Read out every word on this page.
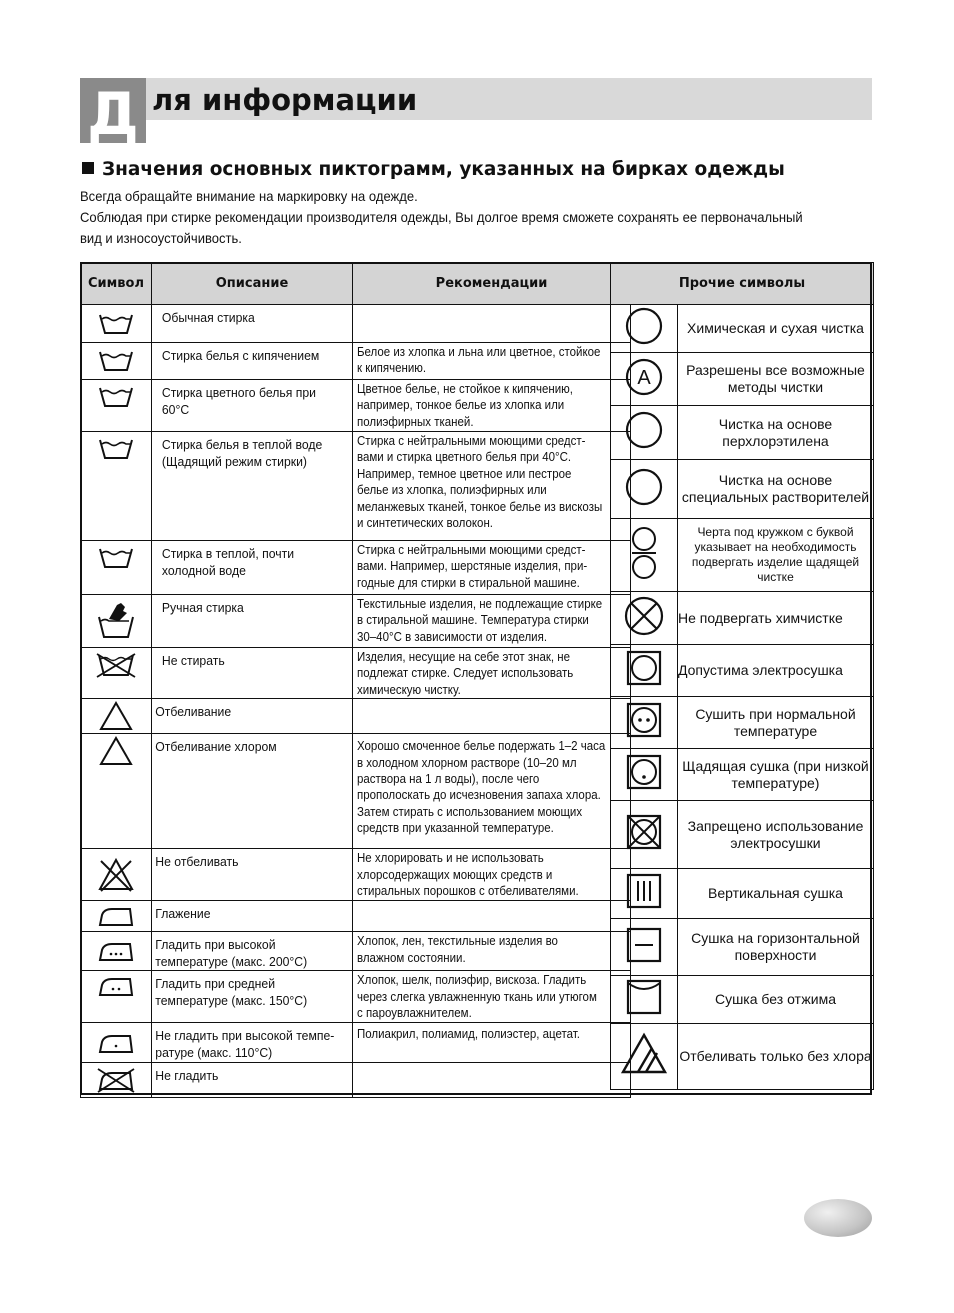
Д ля информации
Значения основных пиктограмм, указанных на бирках одежды

Всегда обращайте внимание на маркировку на одежде.

Соблюдая при стирке рекомендации производителя одежды, Вы долгое время сможете сохранять ее первоначальный вид и износоустойчивость.

Символ	Описание	Рекомендации
	Обычная стирка	

	Стирка белья с кипячением	Белое из хлопка и льна или цветное, стойкое к кипячению.

	Стирка цветного белья при 60°С	Цветное белье, не стойкое к кипячению, например, тонкое белье из хлопка или полиэфирных тканей.

	Стирка белья в теплой воде (Щадящий режим стирки)	Стирка с нейтральными моющими средст-вами и стирка цветного белья при 40°С. Например, темное цветное или пестрое белье из хлопка, полиэфирных или меланжевых тканей, тонкое белье из вискозы и синтетических волокон.

	Стирка в теплой, почти холодной воде	Стирка с нейтральными моющими средст-вами. Например, шерстяные изделия, при-годные для стирки в стиральной машине.

	Ручная стирка	Текстильные изделия, не подлежащие стирке в стиральной машине. Температура стирки 30–40°С в зависимости от изделия.

	Не стирать	Изделия, несущие на себе этот знак, не подлежат стирке. Следует использовать химическую чистку.

	Отбеливание	

	Отбеливание хлором	Хорошо смоченное белье подержать 1–2 часа в холодном хлорном растворе (10–20 мл раствора на 1 л воды), после чего прополоскать до исчезновения запаха хлора. Затем стирать с использованием моющих средств при указанной температуре.

	Не отбеливать	Не хлорировать и не использовать хлорсодержащих моющих средств и стиральных порошков с отбеливателями.

	Глажение	

	Гладить при высокой температуре (макс. 200°С)	Хлопок, лен, текстильные изделия во влажном состоянии.

	Гладить при средней температуре (макс. 150°С)	Хлопок, шелк, полиэфир, вискоза. Гладить через слегка увлажненную ткань или утюгом с пароувлажнителем.

	Не гладить при высокой темпе-ратуре (макс. 110°С)	Полиакрил, полиамид, полиэстер, ацетат.

	Не гладить	
Прочие символы	
	Химическая и сухая чистка

A	Разрешены все возможные методы чистки
	Чистка на основе перхлорэтилена
	Чистка на основе специальных растворителей
	Черта под кружком с буквой указывает на необходимость подвергать изделие щадящей чистке
	Не подвергать химчистке
	Допустима электросушка
	Сушить при нормальной температуре
	Щадящая сушка (при низкой температуре)
	Запрещено использование электросушки
	Вертикальная сушка
	Сушка на горизонтальной поверхности
	Сушка без отжима
	Отбеливать только без хлора
